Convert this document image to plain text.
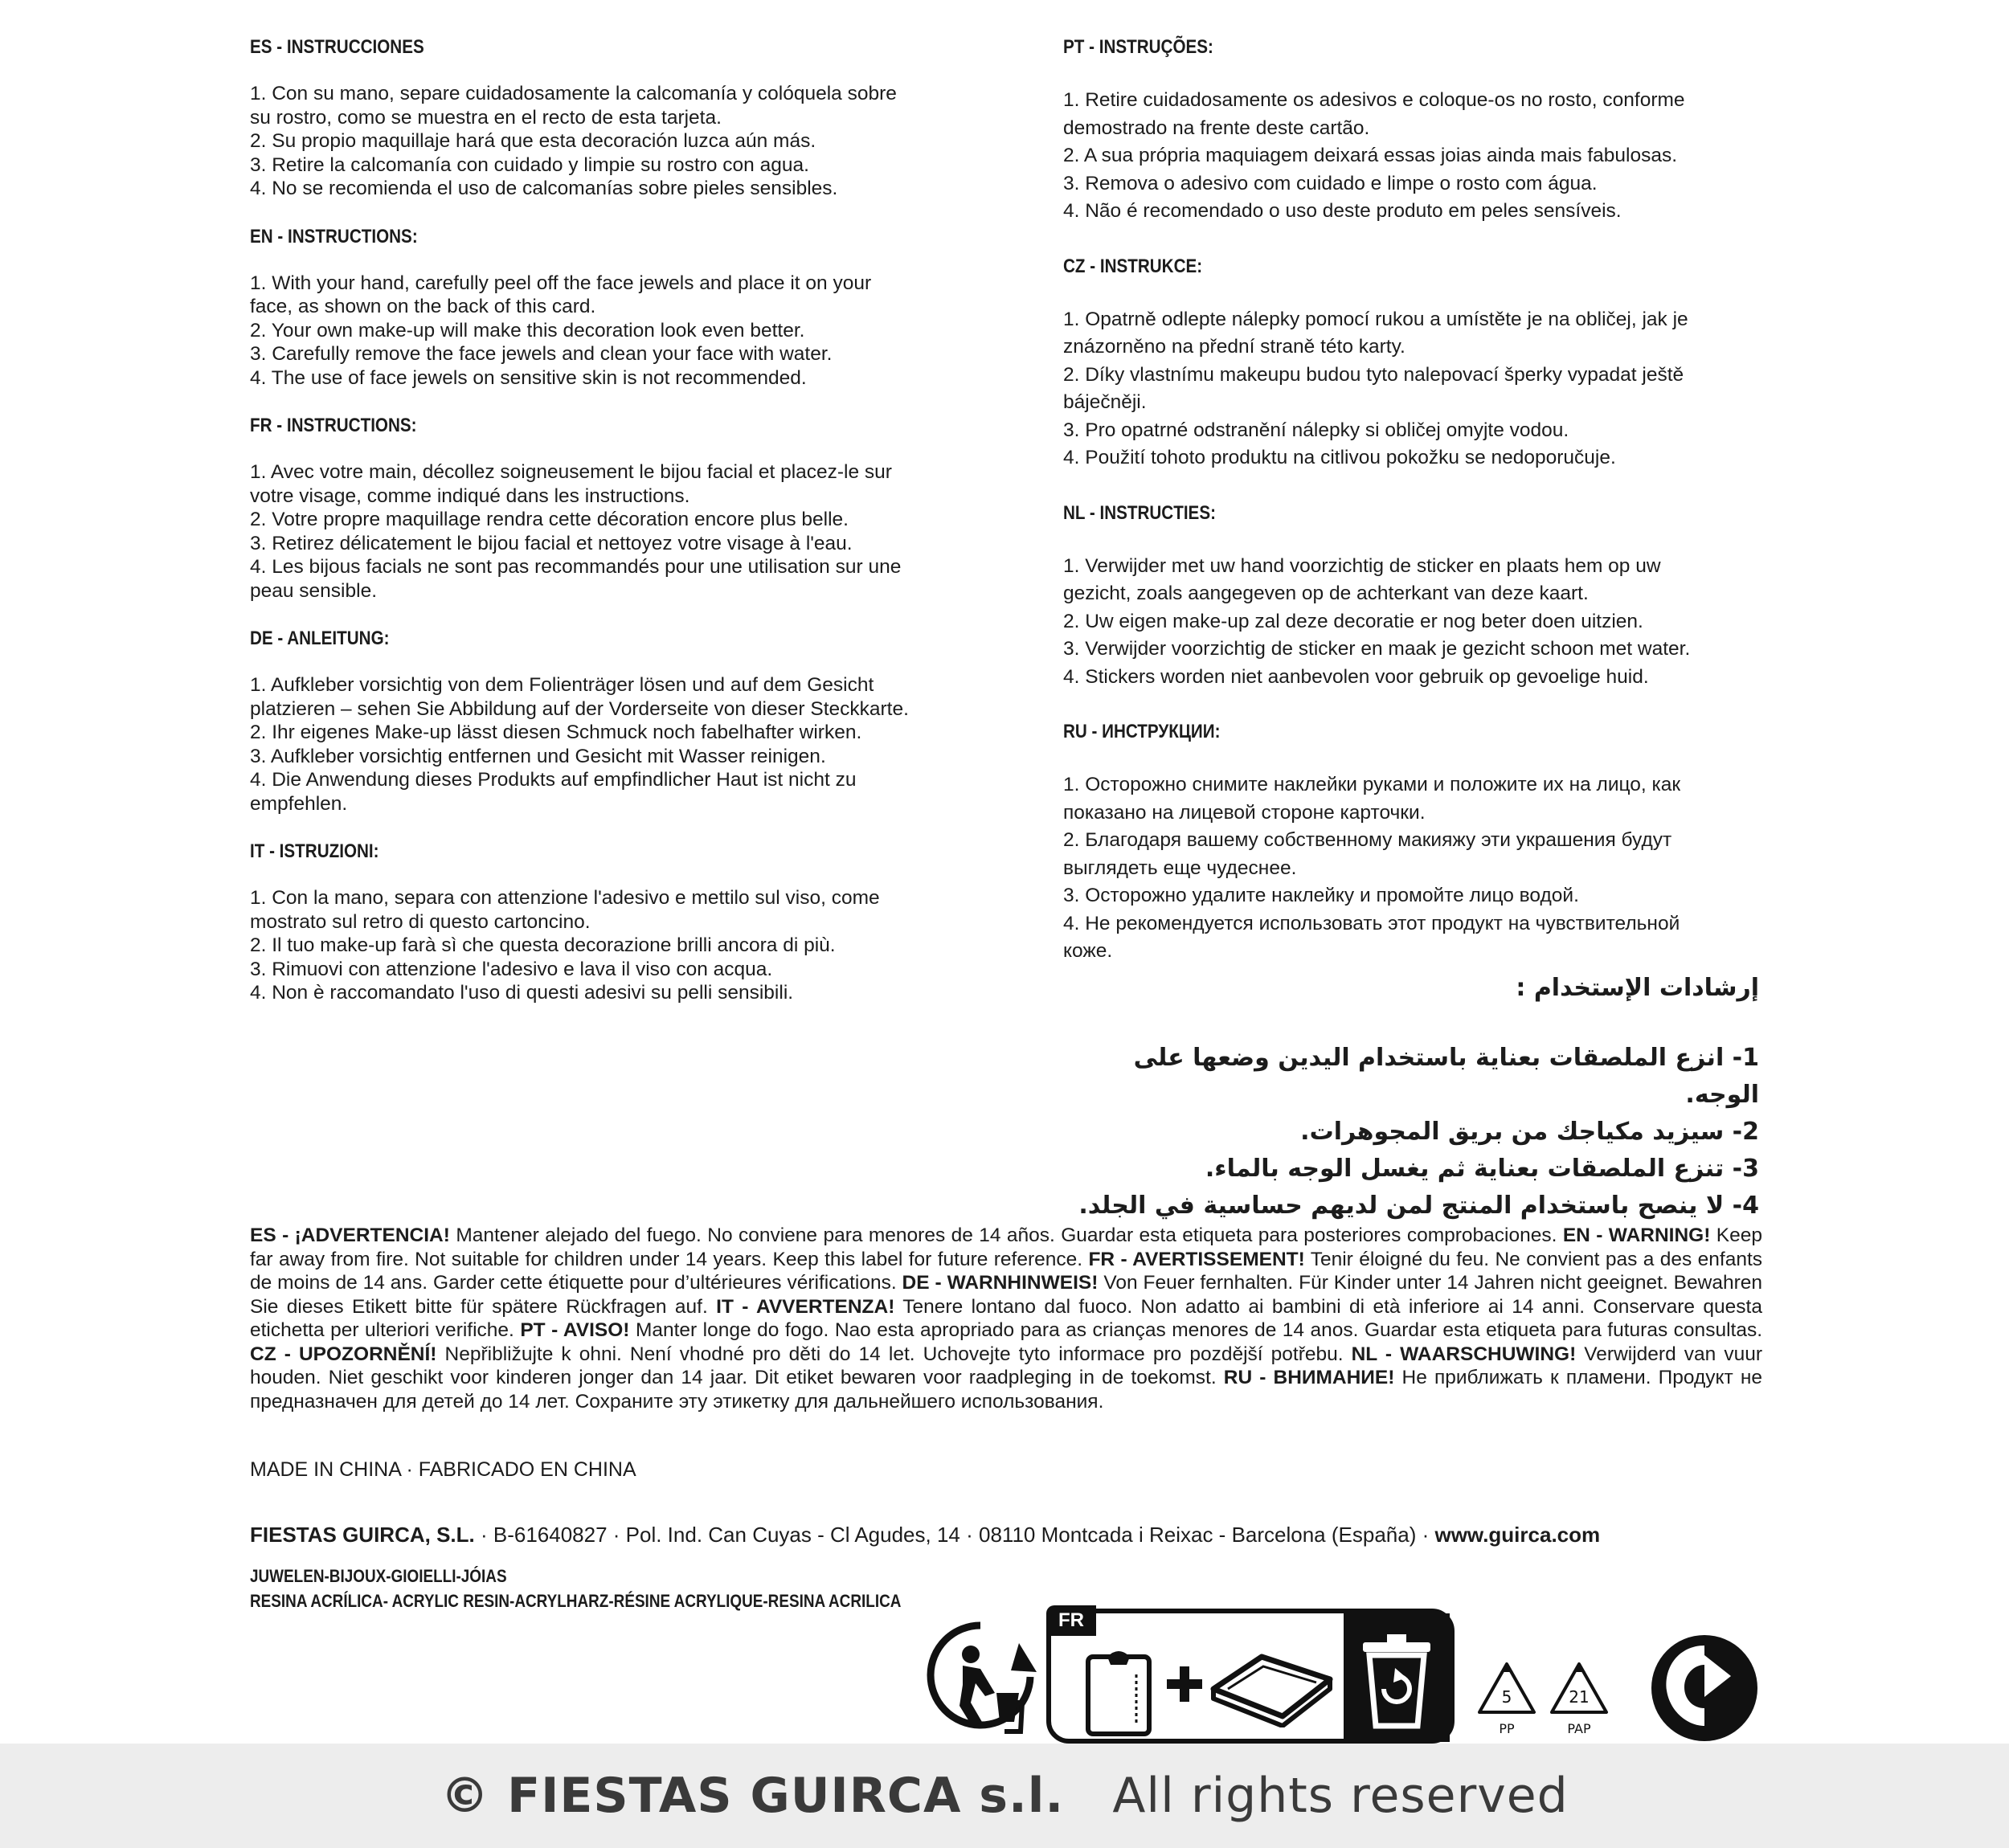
ES - INSTRUCCIONES
1. Con su mano, separe cuidadosamente la calcomanía y colóquela sobre
su rostro, como se muestra en el recto de esta tarjeta.
2. Su propio maquillaje hará que esta decoración luzca aún más.
3. Retire la calcomanía con cuidado y limpie su rostro con agua.
4. No se recomienda el uso de calcomanías sobre pieles sensibles.
EN - INSTRUCTIONS:
1. With your hand, carefully peel off the face jewels and place it on your
face, as shown on the back of this card.
2. Your own make-up will make this decoration look even better.
3. Carefully remove the face jewels and clean your face with water.
4. The use of face jewels on sensitive skin is not recommended.
FR - INSTRUCTIONS:
1. Avec votre main, décollez soigneusement le bijou facial et placez-le sur
votre visage, comme indiqué dans les instructions.
2. Votre propre maquillage rendra cette décoration encore plus belle.
3. Retirez délicatement le bijou facial et nettoyez votre visage à l'eau.
4. Les bijous facials ne sont pas recommandés pour une utilisation sur une
peau sensible.
DE - ANLEITUNG:
1. Aufkleber vorsichtig von dem Folienträger lösen und auf dem Gesicht
platzieren – sehen Sie Abbildung auf der Vorderseite von dieser Steckkarte.
2. Ihr eigenes Make-up lässt diesen Schmuck noch fabelhafter wirken.
3. Aufkleber vorsichtig entfernen und Gesicht mit Wasser reinigen.
4. Die Anwendung dieses Produkts auf empfindlicher Haut ist nicht zu
empfehlen.
IT - ISTRUZIONI:
1. Con la mano, separa con attenzione l'adesivo e mettilo sul viso, come
mostrato sul retro di questo cartoncino.
2. Il tuo make-up farà sì che questa decorazione brilli ancora di più.
3. Rimuovi con attenzione l'adesivo e lava il viso con acqua.
4. Non è raccomandato l'uso di questi adesivi su pelli sensibili.
PT - INSTRUÇÕES:
1. Retire cuidadosamente os adesivos e coloque-os no rosto, conforme
demostrado na frente deste cartão.
2. A sua própria maquiagem deixará essas joias ainda mais fabulosas.
3. Remova o adesivo com cuidado e limpe o rosto com água.
4. Não é recomendado o uso deste produto em peles sensíveis.
CZ - INSTRUKCE:
1. Opatrně odlepte nálepky pomocí rukou a umístěte je na obličej, jak je
znázorněno na přední straně této karty.
2. Díky vlastnímu makeupu budou tyto nalepovací šperky vypadat ještě
báječněji.
3. Pro opatrné odstranění nálepky si obličej omyjte vodou.
4. Použití tohoto produktu na citlivou pokožku se nedoporučuje.
NL - INSTRUCTIES:
1. Verwijder met uw hand voorzichtig de sticker en plaats hem op uw
gezicht, zoals aangegeven op de achterkant van deze kaart.
2. Uw eigen make-up zal deze decoratie er nog beter doen uitzien.
3. Verwijder voorzichtig de sticker en maak je gezicht schoon met water.
4. Stickers worden niet aanbevolen voor gebruik op gevoelige huid.
RU - ИНСТРУКЦИИ:
1. Осторожно снимите наклейки руками и положите их на лицо, как
показано на лицевой стороне карточки.
2. Благодаря вашему собственному макияжу эти украшения будут
выглядеть еще чудеснее.
3. Осторожно удалите наклейку и промойте лицо водой.
4. Не рекомендуется использовать этот продукт на чувствительной
коже.
إرشادات الإستخدام :
1- انزع الملصقات بعناية باستخدام اليدين وضعها على الوجه.
2- سيزيد مكياجك من بريق المجوهرات.
3- تنزع الملصقات بعناية ثم يغسل الوجه بالماء.
4- لا ينصح باستخدام المنتج لمن لديهم حساسية في الجلد.
ES - ¡ADVERTENCIA! Mantener alejado del fuego. No conviene para menores de 14 años. Guardar esta etiqueta para posteriores comprobaciones. EN - WARNING! Keep far away from fire. Not suitable for children under 14 years. Keep this label for future reference. FR - AVERTISSEMENT! Tenir éloigné du feu. Ne convient pas a des enfants de moins de 14 ans. Garder cette étiquette pour d’ultérieures vérifications. DE - WARNHINWEIS! Von Feuer fernhalten. Für Kinder unter 14 Jahren nicht geeignet. Bewahren Sie dieses Etikett bitte für spätere Rückfragen auf. IT - AVVERTENZA! Tenere lontano dal fuoco. Non adatto ai bambini di età inferiore ai 14 anni. Conservare questa etichetta per ulteriori verifiche. PT - AVISO! Manter longe do fogo. Nao esta apropriado para as crianças menores de 14 anos. Guardar esta etiqueta para futuras consultas. CZ - UPOZORNĚNÍ! Nepřibližujte k ohni. Není vhodné pro děti do 14 let. Uchovejte tyto informace pro pozdější potřebu. NL - WAARSCHUWING! Verwijderd van vuur houden. Niet geschikt voor kinderen jonger dan 14 jaar. Dit etiket bewaren voor raadpleging in de toekomst. RU - ВНИМАНИЕ! Не приближать к пламени. Продукт не предназначен для детей до 14 лет. Сохраните эту этикетку для дальнейшего использования.
MADE IN CHINA · FABRICADO EN CHINA
FIESTAS GUIRCA, S.L. · B-61640827 · Pol. Ind. Can Cuyas - Cl Agudes, 14 · 08110 Montcada i Reixac - Barcelona (España) · www.guirca.com
JUWELEN-BIJOUX-GIOIELLI-JÓIAS
RESINA ACRÍLICA- ACRYLIC RESIN-ACRYLHARZ-RÉSINE ACRYLIQUE-RESINA ACRILICA
FR
5
PP
21
PAP
© FIESTAS GUIRCA s.l. All rights reserved
